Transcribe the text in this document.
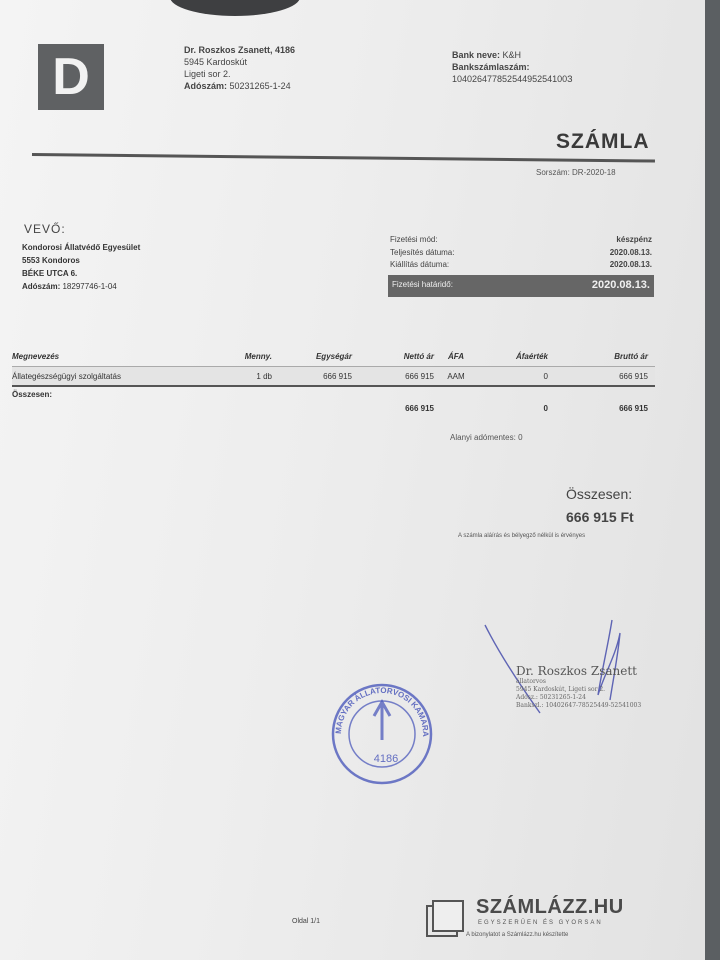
D	Dr. Roszkos Zsanett, 4186
5945 Kardoskút
Ligeti sor 2.
Adószám: 50231265-1-24
Bank neve: K&H
Bankszámlaszám:
10402647785254495254100З
SZÁMLA
Sorszám: DR-2020-18
VEVŐ:
Kondorosi Állatvédő Egyesület
5553 Kondoros
BÉKE UTCA 6.
Adószám: 18297746-1-04
Fizetési mód:	készpénz
Teljesítés dátuma:	2020.08.13.
Kiállítás dátuma:	2020.08.13.
Fizetési határidő:	2020.08.13.
Megnevezés	Menny.	Egységár	Nettó ár	ÁFA	Áfaérték	Bruttó ár
Állategészségügyi szolgáltatás	1 db	666 915	666 915	AAM	0	666 915
Összesen:
666 915	0	666 915
Alanyi adómentes: 0
Összesen:
666 915 Ft
A számla aláírás és bélyegző nélkül is érvényes
MAGYAR ÁLLATORVOSI KAMARA
4186
Dr. Roszkos Zsanett
állatorvos
5945 Kardoskút, Ligeti sor 2.
Adósz.: 50231265-1-24
Bankszl.: 10402647-78525449-52541003
Oldal 1/1
SZÁMLÁZZ.HU
EGYSZERŰEN ÉS GYORSAN
A bizonylatot a Számlázz.hu készítette
